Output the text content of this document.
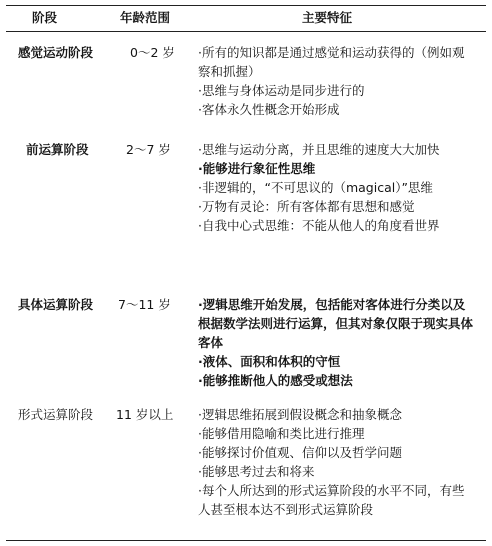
阶段	年龄范围	主要特征
感觉运动阶段	0～2 岁 ·所有的知识都是通过感觉和运动获得的（例如观察和抓握）
·思维与身体运动是同步进行的
·客体永久性概念开始形成
前运算阶段	2～7 岁 ·思维与运动分离，并且思维的速度大大加快
·能够进行象征性思维
·非逻辑的，“不可思议的（magical）”思维
·万物有灵论：所有客体都有思想和感觉
·自我中心式思维：不能从他人的角度看世界
具体运算阶段 7～11 岁 ·逻辑思维开始发展，包括能对客体进行分类以及根据数学法则进行运算，但其对象仅限于现实具体客体
·液体、面积和体积的守恒
·能够推断他人的感受或想法
形式运算阶段 11 岁以上 ·逻辑思维拓展到假设概念和抽象概念
·能够借用隐喻和类比进行推理
·能够探讨价值观、信仰以及哲学问题
·能够思考过去和将来
·每个人所达到的形式运算阶段的水平不同，有些人甚至根本达不到形式运算阶段
